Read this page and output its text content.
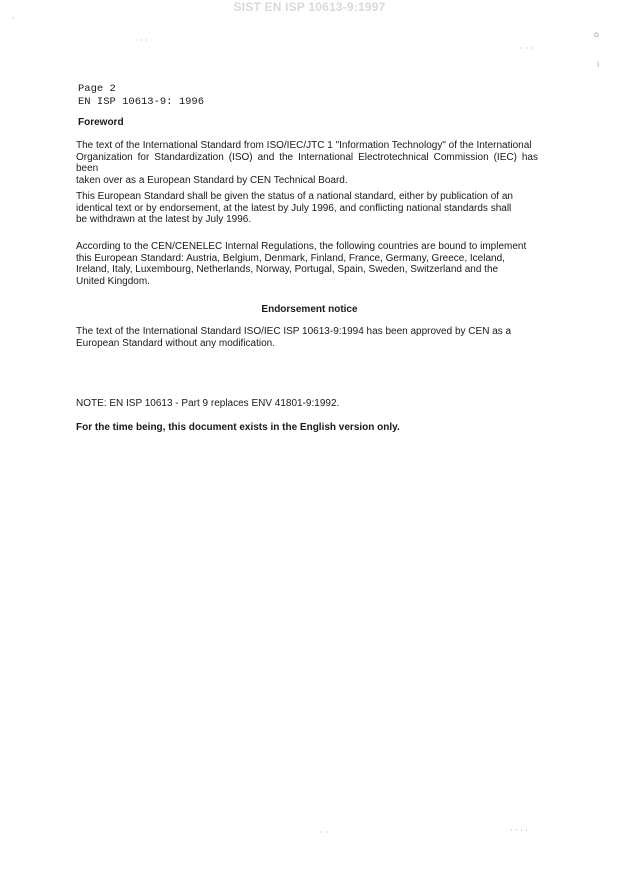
SIST EN ISP 10613-9:1997
o
i
·
· ·
· · ·
· ·	· · · ·
Page 2
EN ISP 10613-9: 1996
Foreword
The text of the International Standard from ISO/IEC/JTC 1 "Information Technology" of the International
Organization for Standardization (ISO) and the International Electrotechnical Commission (IEC) has been
taken over as a European Standard by CEN Technical Board.
This European Standard shall be given the status of a national standard, either by publication of an
identical text or by endorsement, at the latest by July 1996, and conflicting national standards shall
be withdrawn at the latest by July 1996.
According to the CEN/CENELEC Internal Regulations, the following countries are bound to implement
this European Standard: Austria, Belgium, Denmark, Finland, France, Germany, Greece, Iceland,
Ireland, Italy, Luxembourg, Netherlands, Norway, Portugal, Spain, Sweden, Switzerland and the
United Kingdom.
Endorsement notice
The text of the International Standard ISO/IEC ISP 10613-9:1994 has been approved by CEN as a
European Standard without any modification.
NOTE: EN ISP 10613 - Part 9 replaces ENV 41801-9:1992.
For the time being, this document exists in the English version only.
